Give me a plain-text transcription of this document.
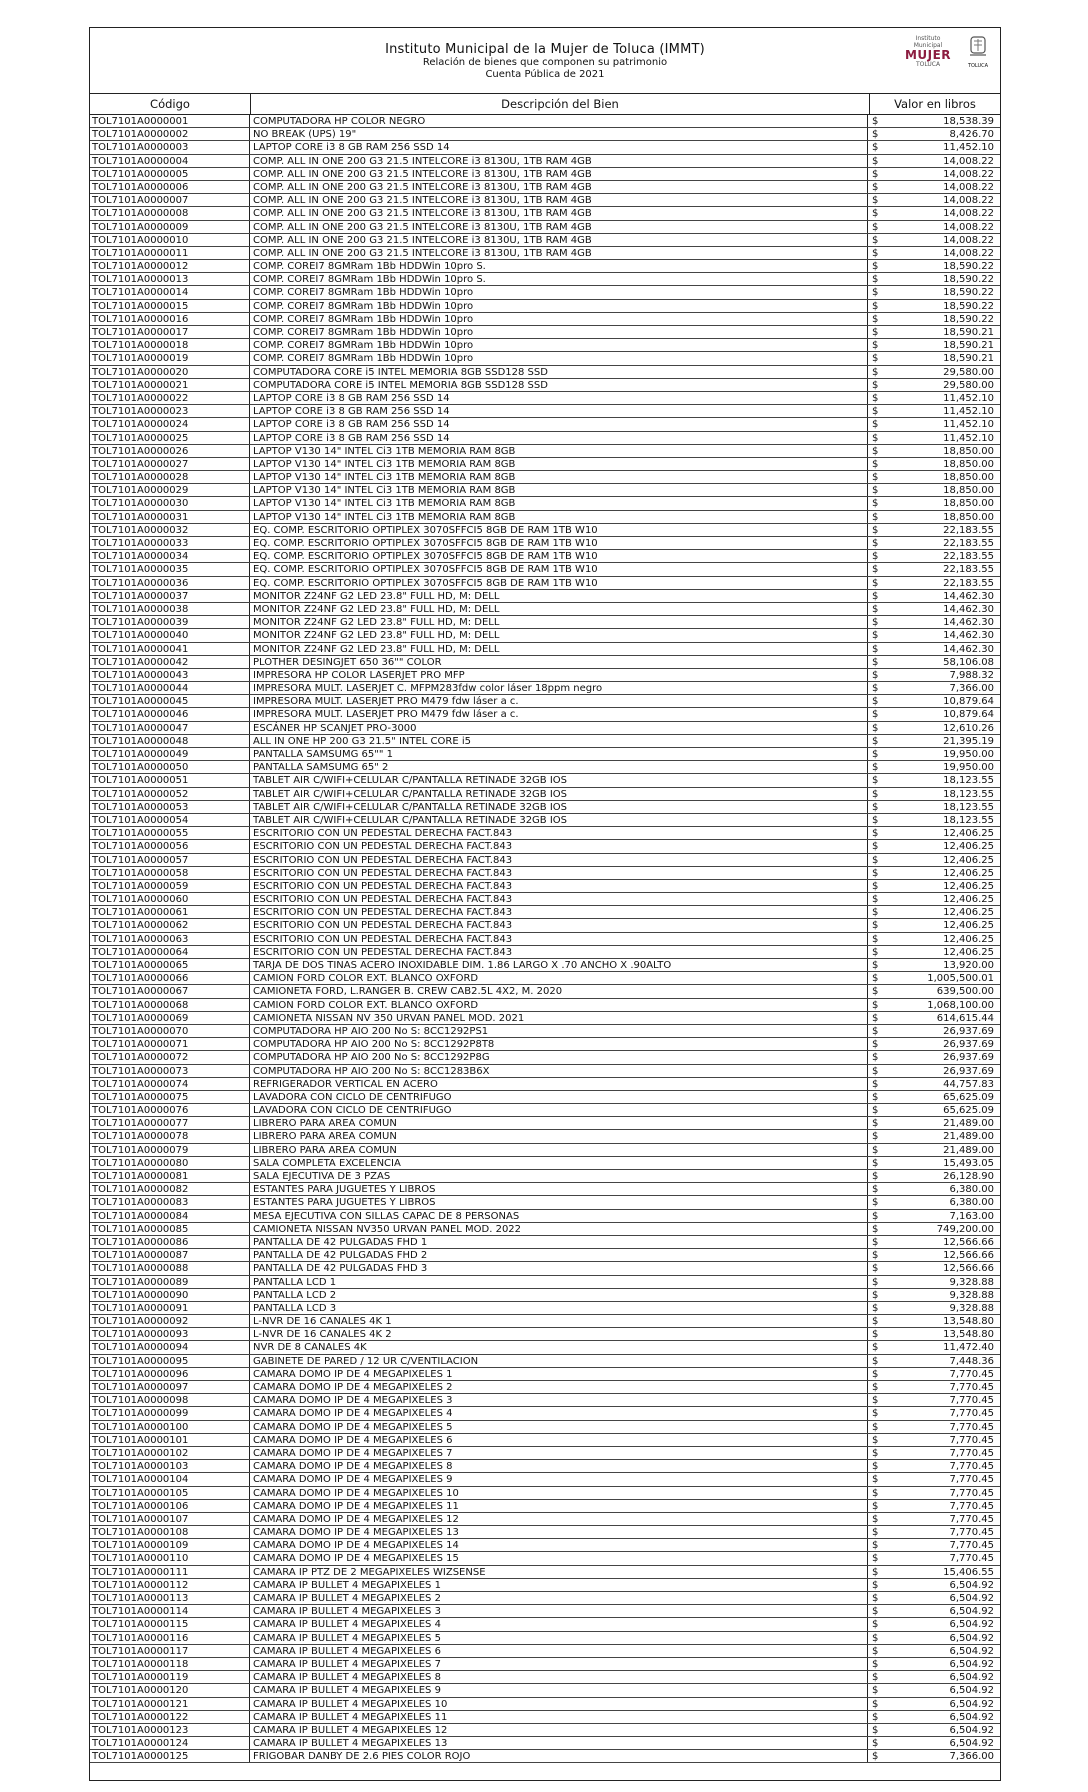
Instituto Municipal de la Mujer de Toluca (IMMT)
Relación de bienes que componen su patrimonio
Cuenta Pública de 2021
Instituto
Municipal
MUJER
TOLUCA	TOLUCA
Código	Descripción del Bien	Valor en libros
TOL7101A0000001	COMPUTADORA HP COLOR NEGRO	$	18,538.39
TOL7101A0000002	NO BREAK (UPS) 19"	$	8,426.70
TOL7101A0000003	LAPTOP CORE i3 8 GB RAM 256 SSD 14	$	11,452.10
TOL7101A0000004	COMP. ALL IN ONE 200 G3 21.5 INTELCORE i3 8130U, 1TB RAM 4GB	$	14,008.22
TOL7101A0000005	COMP. ALL IN ONE 200 G3 21.5 INTELCORE i3 8130U, 1TB RAM 4GB	$	14,008.22
TOL7101A0000006	COMP. ALL IN ONE 200 G3 21.5 INTELCORE i3 8130U, 1TB RAM 4GB	$	14,008.22
TOL7101A0000007	COMP. ALL IN ONE 200 G3 21.5 INTELCORE i3 8130U, 1TB RAM 4GB	$	14,008.22
TOL7101A0000008	COMP. ALL IN ONE 200 G3 21.5 INTELCORE i3 8130U, 1TB RAM 4GB	$	14,008.22
TOL7101A0000009	COMP. ALL IN ONE 200 G3 21.5 INTELCORE i3 8130U, 1TB RAM 4GB	$	14,008.22
TOL7101A0000010	COMP. ALL IN ONE 200 G3 21.5 INTELCORE i3 8130U, 1TB RAM 4GB	$	14,008.22
TOL7101A0000011	COMP. ALL IN ONE 200 G3 21.5 INTELCORE i3 8130U, 1TB RAM 4GB	$	14,008.22
TOL7101A0000012	COMP. COREI7 8GMRam 1Bb HDDWin 10pro S.	$	18,590.22
TOL7101A0000013	COMP. COREI7 8GMRam 1Bb HDDWin 10pro S.	$	18,590.22
TOL7101A0000014	COMP. COREI7 8GMRam 1Bb HDDWin 10pro	$	18,590.22
TOL7101A0000015	COMP. COREI7 8GMRam 1Bb HDDWin 10pro	$	18,590.22
TOL7101A0000016	COMP. COREI7 8GMRam 1Bb HDDWin 10pro	$	18,590.22
TOL7101A0000017	COMP. COREI7 8GMRam 1Bb HDDWin 10pro	$	18,590.21
TOL7101A0000018	COMP. COREI7 8GMRam 1Bb HDDWin 10pro	$	18,590.21
TOL7101A0000019	COMP. COREI7 8GMRam 1Bb HDDWin 10pro	$	18,590.21
TOL7101A0000020	COMPUTADORA CORE i5 INTEL MEMORIA 8GB SSD128 SSD	$	29,580.00
TOL7101A0000021	COMPUTADORA CORE i5 INTEL MEMORIA 8GB SSD128 SSD	$	29,580.00
TOL7101A0000022	LAPTOP CORE i3 8 GB RAM 256 SSD 14	$	11,452.10
TOL7101A0000023	LAPTOP CORE i3 8 GB RAM 256 SSD 14	$	11,452.10
TOL7101A0000024	LAPTOP CORE i3 8 GB RAM 256 SSD 14	$	11,452.10
TOL7101A0000025	LAPTOP CORE i3 8 GB RAM 256 SSD 14	$	11,452.10
TOL7101A0000026	LAPTOP V130 14" INTEL Ci3 1TB MEMORIA RAM 8GB	$	18,850.00
TOL7101A0000027	LAPTOP V130 14" INTEL Ci3 1TB MEMORIA RAM 8GB	$	18,850.00
TOL7101A0000028	LAPTOP V130 14" INTEL Ci3 1TB MEMORIA RAM 8GB	$	18,850.00
TOL7101A0000029	LAPTOP V130 14" INTEL Ci3 1TB MEMORIA RAM 8GB	$	18,850.00
TOL7101A0000030	LAPTOP V130 14" INTEL Ci3 1TB MEMORIA RAM 8GB	$	18,850.00
TOL7101A0000031	LAPTOP V130 14" INTEL Ci3 1TB MEMORIA RAM 8GB	$	18,850.00
TOL7101A0000032	EQ. COMP. ESCRITORIO OPTIPLEX 3070SFFCI5 8GB DE RAM 1TB W10	$	22,183.55
TOL7101A0000033	EQ. COMP. ESCRITORIO OPTIPLEX 3070SFFCI5 8GB DE RAM 1TB W10	$	22,183.55
TOL7101A0000034	EQ. COMP. ESCRITORIO OPTIPLEX 3070SFFCI5 8GB DE RAM 1TB W10	$	22,183.55
TOL7101A0000035	EQ. COMP. ESCRITORIO OPTIPLEX 3070SFFCI5 8GB DE RAM 1TB W10	$	22,183.55
TOL7101A0000036	EQ. COMP. ESCRITORIO OPTIPLEX 3070SFFCI5 8GB DE RAM 1TB W10	$	22,183.55
TOL7101A0000037	MONITOR Z24NF G2 LED 23.8" FULL HD, M: DELL	$	14,462.30
TOL7101A0000038	MONITOR Z24NF G2 LED 23.8" FULL HD, M: DELL	$	14,462.30
TOL7101A0000039	MONITOR Z24NF G2 LED 23.8" FULL HD, M: DELL	$	14,462.30
TOL7101A0000040	MONITOR Z24NF G2 LED 23.8" FULL HD, M: DELL	$	14,462.30
TOL7101A0000041	MONITOR Z24NF G2 LED 23.8" FULL HD, M: DELL	$	14,462.30
TOL7101A0000042	PLOTHER DESINGJET 650 36"" COLOR	$	58,106.08
TOL7101A0000043	IMPRESORA HP COLOR LASERJET PRO MFP	$	7,988.32
TOL7101A0000044	IMPRESORA MULT. LASERJET C. MFPM283fdw color láser 18ppm negro	$	7,366.00
TOL7101A0000045	IMPRESORA MULT. LASERJET PRO M479 fdw láser a c.	$	10,879.64
TOL7101A0000046	IMPRESORA MULT. LASERJET PRO M479 fdw láser a c.	$	10,879.64
TOL7101A0000047	ESCÁNER HP SCANJET PRO-3000	$	12,610.26
TOL7101A0000048	ALL IN ONE HP 200 G3 21.5" INTEL CORE i5	$	21,395.19
TOL7101A0000049	PANTALLA SAMSUMG 65"" 1	$	19,950.00
TOL7101A0000050	PANTALLA SAMSUMG 65" 2	$	19,950.00
TOL7101A0000051	TABLET AIR C/WIFI+CELULAR C/PANTALLA RETINADE 32GB IOS	$	18,123.55
TOL7101A0000052	TABLET AIR C/WIFI+CELULAR C/PANTALLA RETINADE 32GB IOS	$	18,123.55
TOL7101A0000053	TABLET AIR C/WIFI+CELULAR C/PANTALLA RETINADE 32GB IOS	$	18,123.55
TOL7101A0000054	TABLET AIR C/WIFI+CELULAR C/PANTALLA RETINADE 32GB IOS	$	18,123.55
TOL7101A0000055	ESCRITORIO CON UN PEDESTAL DERECHA FACT.843	$	12,406.25
TOL7101A0000056	ESCRITORIO CON UN PEDESTAL DERECHA FACT.843	$	12,406.25
TOL7101A0000057	ESCRITORIO CON UN PEDESTAL DERECHA FACT.843	$	12,406.25
TOL7101A0000058	ESCRITORIO CON UN PEDESTAL DERECHA FACT.843	$	12,406.25
TOL7101A0000059	ESCRITORIO CON UN PEDESTAL DERECHA FACT.843	$	12,406.25
TOL7101A0000060	ESCRITORIO CON UN PEDESTAL DERECHA FACT.843	$	12,406.25
TOL7101A0000061	ESCRITORIO CON UN PEDESTAL DERECHA FACT.843	$	12,406.25
TOL7101A0000062	ESCRITORIO CON UN PEDESTAL DERECHA FACT.843	$	12,406.25
TOL7101A0000063	ESCRITORIO CON UN PEDESTAL DERECHA FACT.843	$	12,406.25
TOL7101A0000064	ESCRITORIO CON UN PEDESTAL DERECHA FACT.843	$	12,406.25
TOL7101A0000065	TARJA DE DOS TINAS ACERO INOXIDABLE DIM. 1.86 LARGO X .70 ANCHO X .90ALTO	$	13,920.00
TOL7101A0000066	CAMION FORD COLOR EXT. BLANCO OXFORD	$	1,005,500.01
TOL7101A0000067	CAMIONETA FORD, L.RANGER B. CREW CAB2.5L 4X2, M. 2020	$	639,500.00
TOL7101A0000068	CAMION FORD COLOR EXT. BLANCO OXFORD	$	1,068,100.00
TOL7101A0000069	CAMIONETA NISSAN NV 350 URVAN PANEL MOD. 2021	$	614,615.44
TOL7101A0000070	COMPUTADORA HP AIO 200 No S: 8CC1292PS1	$	26,937.69
TOL7101A0000071	COMPUTADORA HP AIO 200 No S: 8CC1292P8T8	$	26,937.69
TOL7101A0000072	COMPUTADORA HP AIO 200 No S: 8CC1292P8G	$	26,937.69
TOL7101A0000073	COMPUTADORA HP AIO 200 No S: 8CC1283B6X	$	26,937.69
TOL7101A0000074	REFRIGERADOR VERTICAL EN ACERO	$	44,757.83
TOL7101A0000075	LAVADORA CON CICLO DE CENTRIFUGO	$	65,625.09
TOL7101A0000076	LAVADORA CON CICLO DE CENTRIFUGO	$	65,625.09
TOL7101A0000077	LIBRERO PARA AREA COMUN	$	21,489.00
TOL7101A0000078	LIBRERO PARA AREA COMUN	$	21,489.00
TOL7101A0000079	LIBRERO PARA AREA COMUN	$	21,489.00
TOL7101A0000080	SALA COMPLETA EXCELENCIA	$	15,493.05
TOL7101A0000081	SALA EJECUTIVA DE 3 PZAS	$	26,128.90
TOL7101A0000082	ESTANTES PARA JUGUETES Y LIBROS	$	6,380.00
TOL7101A0000083	ESTANTES PARA JUGUETES Y LIBROS	$	6,380.00
TOL7101A0000084	MESA EJECUTIVA CON SILLAS CAPAC DE 8 PERSONAS	$	7,163.00
TOL7101A0000085	CAMIONETA NISSAN NV350 URVAN PANEL MOD. 2022	$	749,200.00
TOL7101A0000086	PANTALLA DE 42 PULGADAS FHD 1	$	12,566.66
TOL7101A0000087	PANTALLA DE 42 PULGADAS FHD 2	$	12,566.66
TOL7101A0000088	PANTALLA DE 42 PULGADAS FHD 3	$	12,566.66
TOL7101A0000089	PANTALLA LCD 1	$	9,328.88
TOL7101A0000090	PANTALLA LCD 2	$	9,328.88
TOL7101A0000091	PANTALLA LCD 3	$	9,328.88
TOL7101A0000092	L-NVR DE 16 CANALES 4K 1	$	13,548.80
TOL7101A0000093	L-NVR DE 16 CANALES 4K 2	$	13,548.80
TOL7101A0000094	NVR DE 8 CANALES 4K	$	11,472.40
TOL7101A0000095	GABINETE DE PARED / 12 UR C/VENTILACION	$	7,448.36
TOL7101A0000096	CAMARA DOMO IP DE 4 MEGAPIXELES 1	$	7,770.45
TOL7101A0000097	CAMARA DOMO IP DE 4 MEGAPIXELES 2	$	7,770.45
TOL7101A0000098	CAMARA DOMO IP DE 4 MEGAPIXELES 3	$	7,770.45
TOL7101A0000099	CAMARA DOMO IP DE 4 MEGAPIXELES 4	$	7,770.45
TOL7101A0000100	CAMARA DOMO IP DE 4 MEGAPIXELES 5	$	7,770.45
TOL7101A0000101	CAMARA DOMO IP DE 4 MEGAPIXELES 6	$	7,770.45
TOL7101A0000102	CAMARA DOMO IP DE 4 MEGAPIXELES 7	$	7,770.45
TOL7101A0000103	CAMARA DOMO IP DE 4 MEGAPIXELES 8	$	7,770.45
TOL7101A0000104	CAMARA DOMO IP DE 4 MEGAPIXELES 9	$	7,770.45
TOL7101A0000105	CAMARA DOMO IP DE 4 MEGAPIXELES 10	$	7,770.45
TOL7101A0000106	CAMARA DOMO IP DE 4 MEGAPIXELES 11	$	7,770.45
TOL7101A0000107	CAMARA DOMO IP DE 4 MEGAPIXELES 12	$	7,770.45
TOL7101A0000108	CAMARA DOMO IP DE 4 MEGAPIXELES 13	$	7,770.45
TOL7101A0000109	CAMARA DOMO IP DE 4 MEGAPIXELES 14	$	7,770.45
TOL7101A0000110	CAMARA DOMO IP DE 4 MEGAPIXELES 15	$	7,770.45
TOL7101A0000111	CAMARA IP PTZ DE 2 MEGAPIXELES WIZSENSE	$	15,406.55
TOL7101A0000112	CAMARA IP BULLET 4 MEGAPIXELES 1	$	6,504.92
TOL7101A0000113	CAMARA IP BULLET 4 MEGAPIXELES 2	$	6,504.92
TOL7101A0000114	CAMARA IP BULLET 4 MEGAPIXELES 3	$	6,504.92
TOL7101A0000115	CAMARA IP BULLET 4 MEGAPIXELES 4	$	6,504.92
TOL7101A0000116	CAMARA IP BULLET 4 MEGAPIXELES 5	$	6,504.92
TOL7101A0000117	CAMARA IP BULLET 4 MEGAPIXELES 6	$	6,504.92
TOL7101A0000118	CAMARA IP BULLET 4 MEGAPIXELES 7	$	6,504.92
TOL7101A0000119	CAMARA IP BULLET 4 MEGAPIXELES 8	$	6,504.92
TOL7101A0000120	CAMARA IP BULLET 4 MEGAPIXELES 9	$	6,504.92
TOL7101A0000121	CAMARA IP BULLET 4 MEGAPIXELES 10	$	6,504.92
TOL7101A0000122	CAMARA IP BULLET 4 MEGAPIXELES 11	$	6,504.92
TOL7101A0000123	CAMARA IP BULLET 4 MEGAPIXELES 12	$	6,504.92
TOL7101A0000124	CAMARA IP BULLET 4 MEGAPIXELES 13	$	6,504.92
TOL7101A0000125	FRIGOBAR DANBY DE 2.6 PIES COLOR ROJO	$	7,366.00
